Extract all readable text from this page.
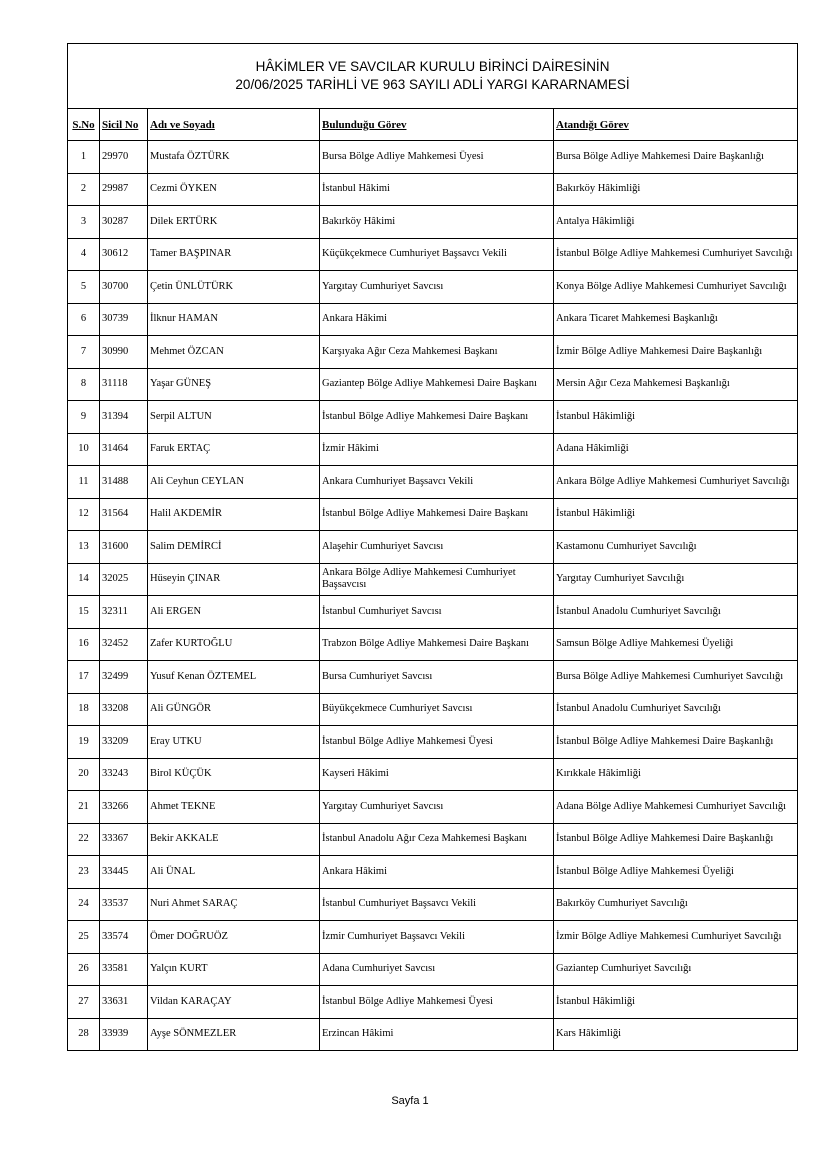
HÂKİMLER VE SAVCILAR KURULU BİRİNCİ DAİRESİNİN
20/06/2025 TARİHLİ VE 963 SAYILI ADLİ YARGI KARARNAMESİ				

S.No	Sicil No	Adı ve Soyadı	Bulunduğu Görev	Atandığı Görev
1	29970	Mustafa ÖZTÜRK	Bursa Bölge Adliye Mahkemesi Üyesi	Bursa Bölge Adliye Mahkemesi Daire Başkanlığı
2	29987	Cezmi ÖYKEN	İstanbul Hâkimi	Bakırköy Hâkimliği
3	30287	Dilek ERTÜRK	Bakırköy Hâkimi	Antalya Hâkimliği
4	30612	Tamer BAŞPINAR	Küçükçekmece Cumhuriyet Başsavcı Vekili	İstanbul Bölge Adliye Mahkemesi Cumhuriyet Savcılığı
5	30700	Çetin ÜNLÜTÜRK	Yargıtay Cumhuriyet Savcısı	Konya Bölge Adliye Mahkemesi Cumhuriyet Savcılığı
6	30739	İlknur HAMAN	Ankara Hâkimi	Ankara Ticaret Mahkemesi Başkanlığı
7	30990	Mehmet ÖZCAN	Karşıyaka Ağır Ceza Mahkemesi Başkanı	İzmir Bölge Adliye Mahkemesi Daire Başkanlığı
8	31118	Yaşar GÜNEŞ	Gaziantep Bölge Adliye Mahkemesi Daire Başkanı	Mersin Ağır Ceza Mahkemesi Başkanlığı
9	31394	Serpil ALTUN	İstanbul Bölge Adliye Mahkemesi Daire Başkanı	İstanbul Hâkimliği
10	31464	Faruk ERTAÇ	İzmir Hâkimi	Adana Hâkimliği
11	31488	Ali Ceyhun CEYLAN	Ankara Cumhuriyet Başsavcı Vekili	Ankara Bölge Adliye Mahkemesi Cumhuriyet Savcılığı
12	31564	Halil AKDEMİR	İstanbul Bölge Adliye Mahkemesi Daire Başkanı	İstanbul Hâkimliği
13	31600	Salim DEMİRCİ	Alaşehir Cumhuriyet Savcısı	Kastamonu Cumhuriyet Savcılığı
14	32025	Hüseyin ÇINAR	Ankara Bölge Adliye Mahkemesi Cumhuriyet Başsavcısı	Yargıtay Cumhuriyet Savcılığı
15	32311	Ali ERGEN	İstanbul Cumhuriyet Savcısı	İstanbul Anadolu Cumhuriyet Savcılığı
16	32452	Zafer KURTOĞLU	Trabzon Bölge Adliye Mahkemesi Daire Başkanı	Samsun Bölge Adliye Mahkemesi Üyeliği
17	32499	Yusuf Kenan ÖZTEMEL	Bursa Cumhuriyet Savcısı	Bursa Bölge Adliye Mahkemesi Cumhuriyet Savcılığı
18	33208	Ali GÜNGÖR	Büyükçekmece Cumhuriyet Savcısı	İstanbul Anadolu Cumhuriyet Savcılığı
19	33209	Eray UTKU	İstanbul Bölge Adliye Mahkemesi Üyesi	İstanbul Bölge Adliye Mahkemesi Daire Başkanlığı
20	33243	Birol KÜÇÜK	Kayseri Hâkimi	Kırıkkale Hâkimliği
21	33266	Ahmet TEKNE	Yargıtay Cumhuriyet Savcısı	Adana Bölge Adliye Mahkemesi Cumhuriyet Savcılığı
22	33367	Bekir AKKALE	İstanbul Anadolu Ağır Ceza Mahkemesi Başkanı	İstanbul Bölge Adliye Mahkemesi Daire Başkanlığı
23	33445	Ali ÜNAL	Ankara Hâkimi	İstanbul Bölge Adliye Mahkemesi Üyeliği
24	33537	Nuri Ahmet SARAÇ	İstanbul Cumhuriyet Başsavcı Vekili	Bakırköy Cumhuriyet Savcılığı
25	33574	Ömer DOĞRUÖZ	İzmir Cumhuriyet Başsavcı Vekili	İzmir Bölge Adliye Mahkemesi Cumhuriyet Savcılığı
26	33581	Yalçın KURT	Adana Cumhuriyet Savcısı	Gaziantep Cumhuriyet Savcılığı
27	33631	Vildan KARAÇAY	İstanbul Bölge Adliye Mahkemesi Üyesi	İstanbul Hâkimliği
28	33939	Ayşe SÖNMEZLER	Erzincan Hâkimi	Kars Hâkimliği
Sayfa 1
